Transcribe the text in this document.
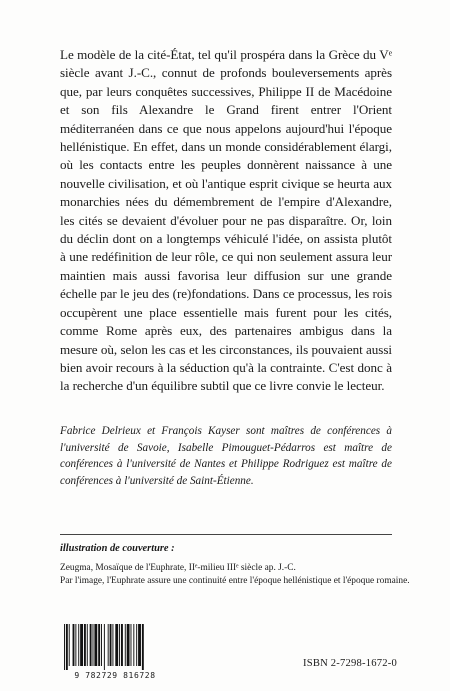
Le modèle de la cité-État, tel qu'il prospéra dans la Grèce du Vᵉ siècle avant J.-C., connut de profonds bouleversements après que, par leurs conquêtes successives, Philippe II de Macédoine et son fils Alexandre le Grand firent entrer l'Orient méditerranéen dans ce que nous appelons aujourd'hui l'époque hellénistique. En effet, dans un monde considérablement élargi, où les contacts entre les peuples donnèrent naissance à une nouvelle civilisation, et où l'antique esprit civique se heurta aux monarchies nées du démembrement de l'empire d'Alexandre, les cités se devaient d'évoluer pour ne pas disparaître. Or, loin du déclin dont on a longtemps véhiculé l'idée, on assista plutôt à une redéfinition de leur rôle, ce qui non seulement assura leur maintien mais aussi favorisa leur diffusion sur une grande échelle par le jeu des (re)fondations. Dans ce processus, les rois occupèrent une place essentielle mais furent pour les cités, comme Rome après eux, des partenaires ambigus dans la mesure où, selon les cas et les circonstances, ils pouvaient aussi bien avoir recours à la séduction qu'à la contrainte. C'est donc à la recherche d'un équilibre subtil que ce livre convie le lecteur.

Fabrice Delrieux et François Kayser sont maîtres de conférences à l'université de Savoie, Isabelle Pimouguet-Pédarros est maître de conférences à l'université de Nantes et Philippe Rodriguez est maître de conférences à l'université de Saint-Étienne.

illustration de couverture :

Zeugma, Mosaïque de l'Euphrate, IIᵉ-milieu IIIᵉ siècle ap. J.-C.

Par l'image, l'Euphrate assure une continuité entre l'époque hellénistique et l'époque romaine.

9 782729 816728
ISBN 2-7298-1672-0
